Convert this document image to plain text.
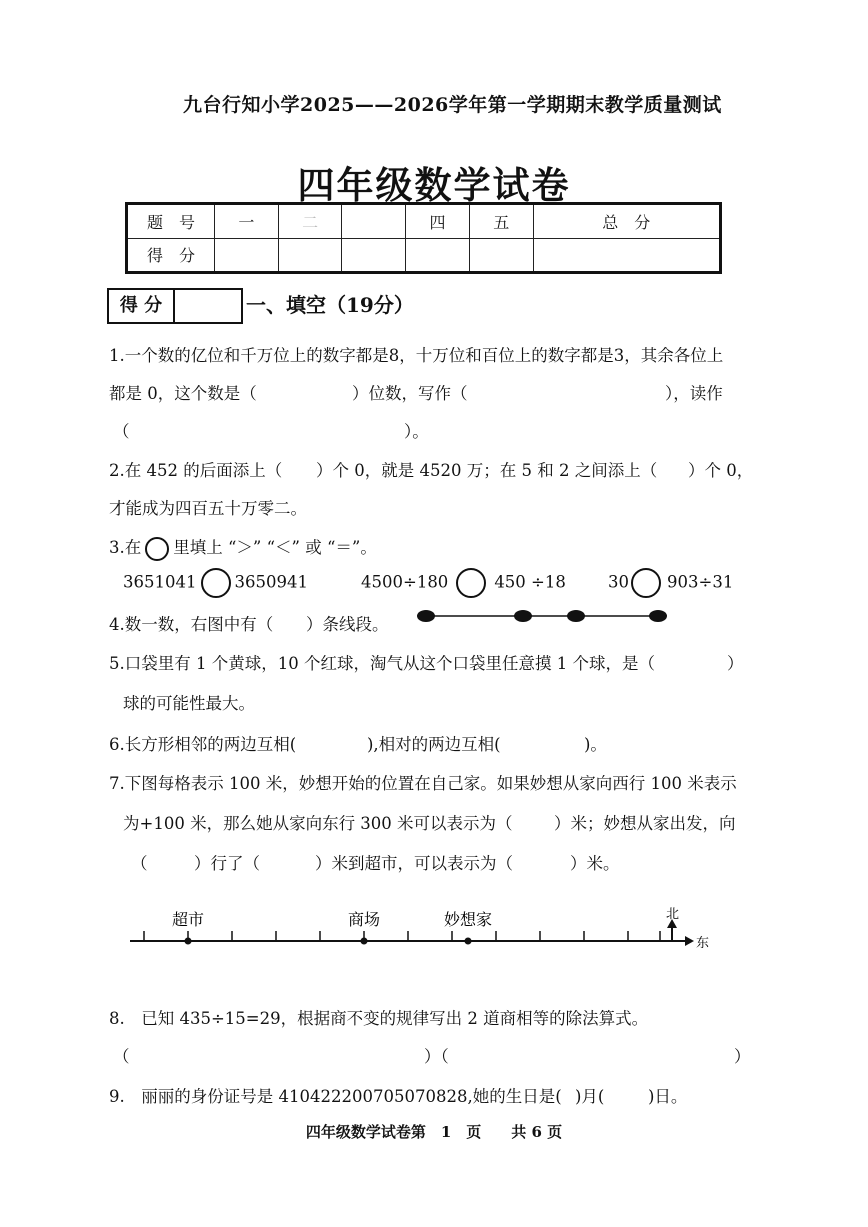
九台行知小学2025——2026学年第一学期期末教学质量测试
四年级数学试卷
题　号	一	二	三	四	五	总　分
得　分						
得 分	一、填空（19分）
1.一个数的亿位和千万位上的数字都是8，十万位和百位上的数字都是3，其余各位上
都是 0，这个数是（	）位数，写作（	），读作
（	）。
2.在 452 的后面添上（ ）个 0，就是 4520 万；在 5 和 2 之间添上（ ）个 0，
才能成为四百五十万零二。
3.在 里填上 “＞” “＜” 或 “＝”。
3651041 3650941	4500÷180	450 ÷18	30 903÷31
4.数一数，右图中有（ ）条线段。
5.口袋里有 1 个黄球，10 个红球，淘气从这个口袋里任意摸 1 个球，是（	）
球的可能性最大。
6.长方形相邻的两边互相(	),相对的两边互相(	)。
7.下图每格表示 100 米，妙想开始的位置在自己家。如果妙想从家向西行 100 米表示
为+100 米，那么她从家向东行 300 米可以表示为（	）米；妙想从家出发，向
（	）行了（	）米到超市，可以表示为（	）米。
超市	商场	妙想家	北
东
8.　已知 435÷15=29，根据商不变的规律写出 2 道商相等的除法算式。
（	）（	）
9.　丽丽的身份证号是 410422200705070828,她的生日是( )月(	)日。
四年级数学试卷第　1　页　　共 6 页
